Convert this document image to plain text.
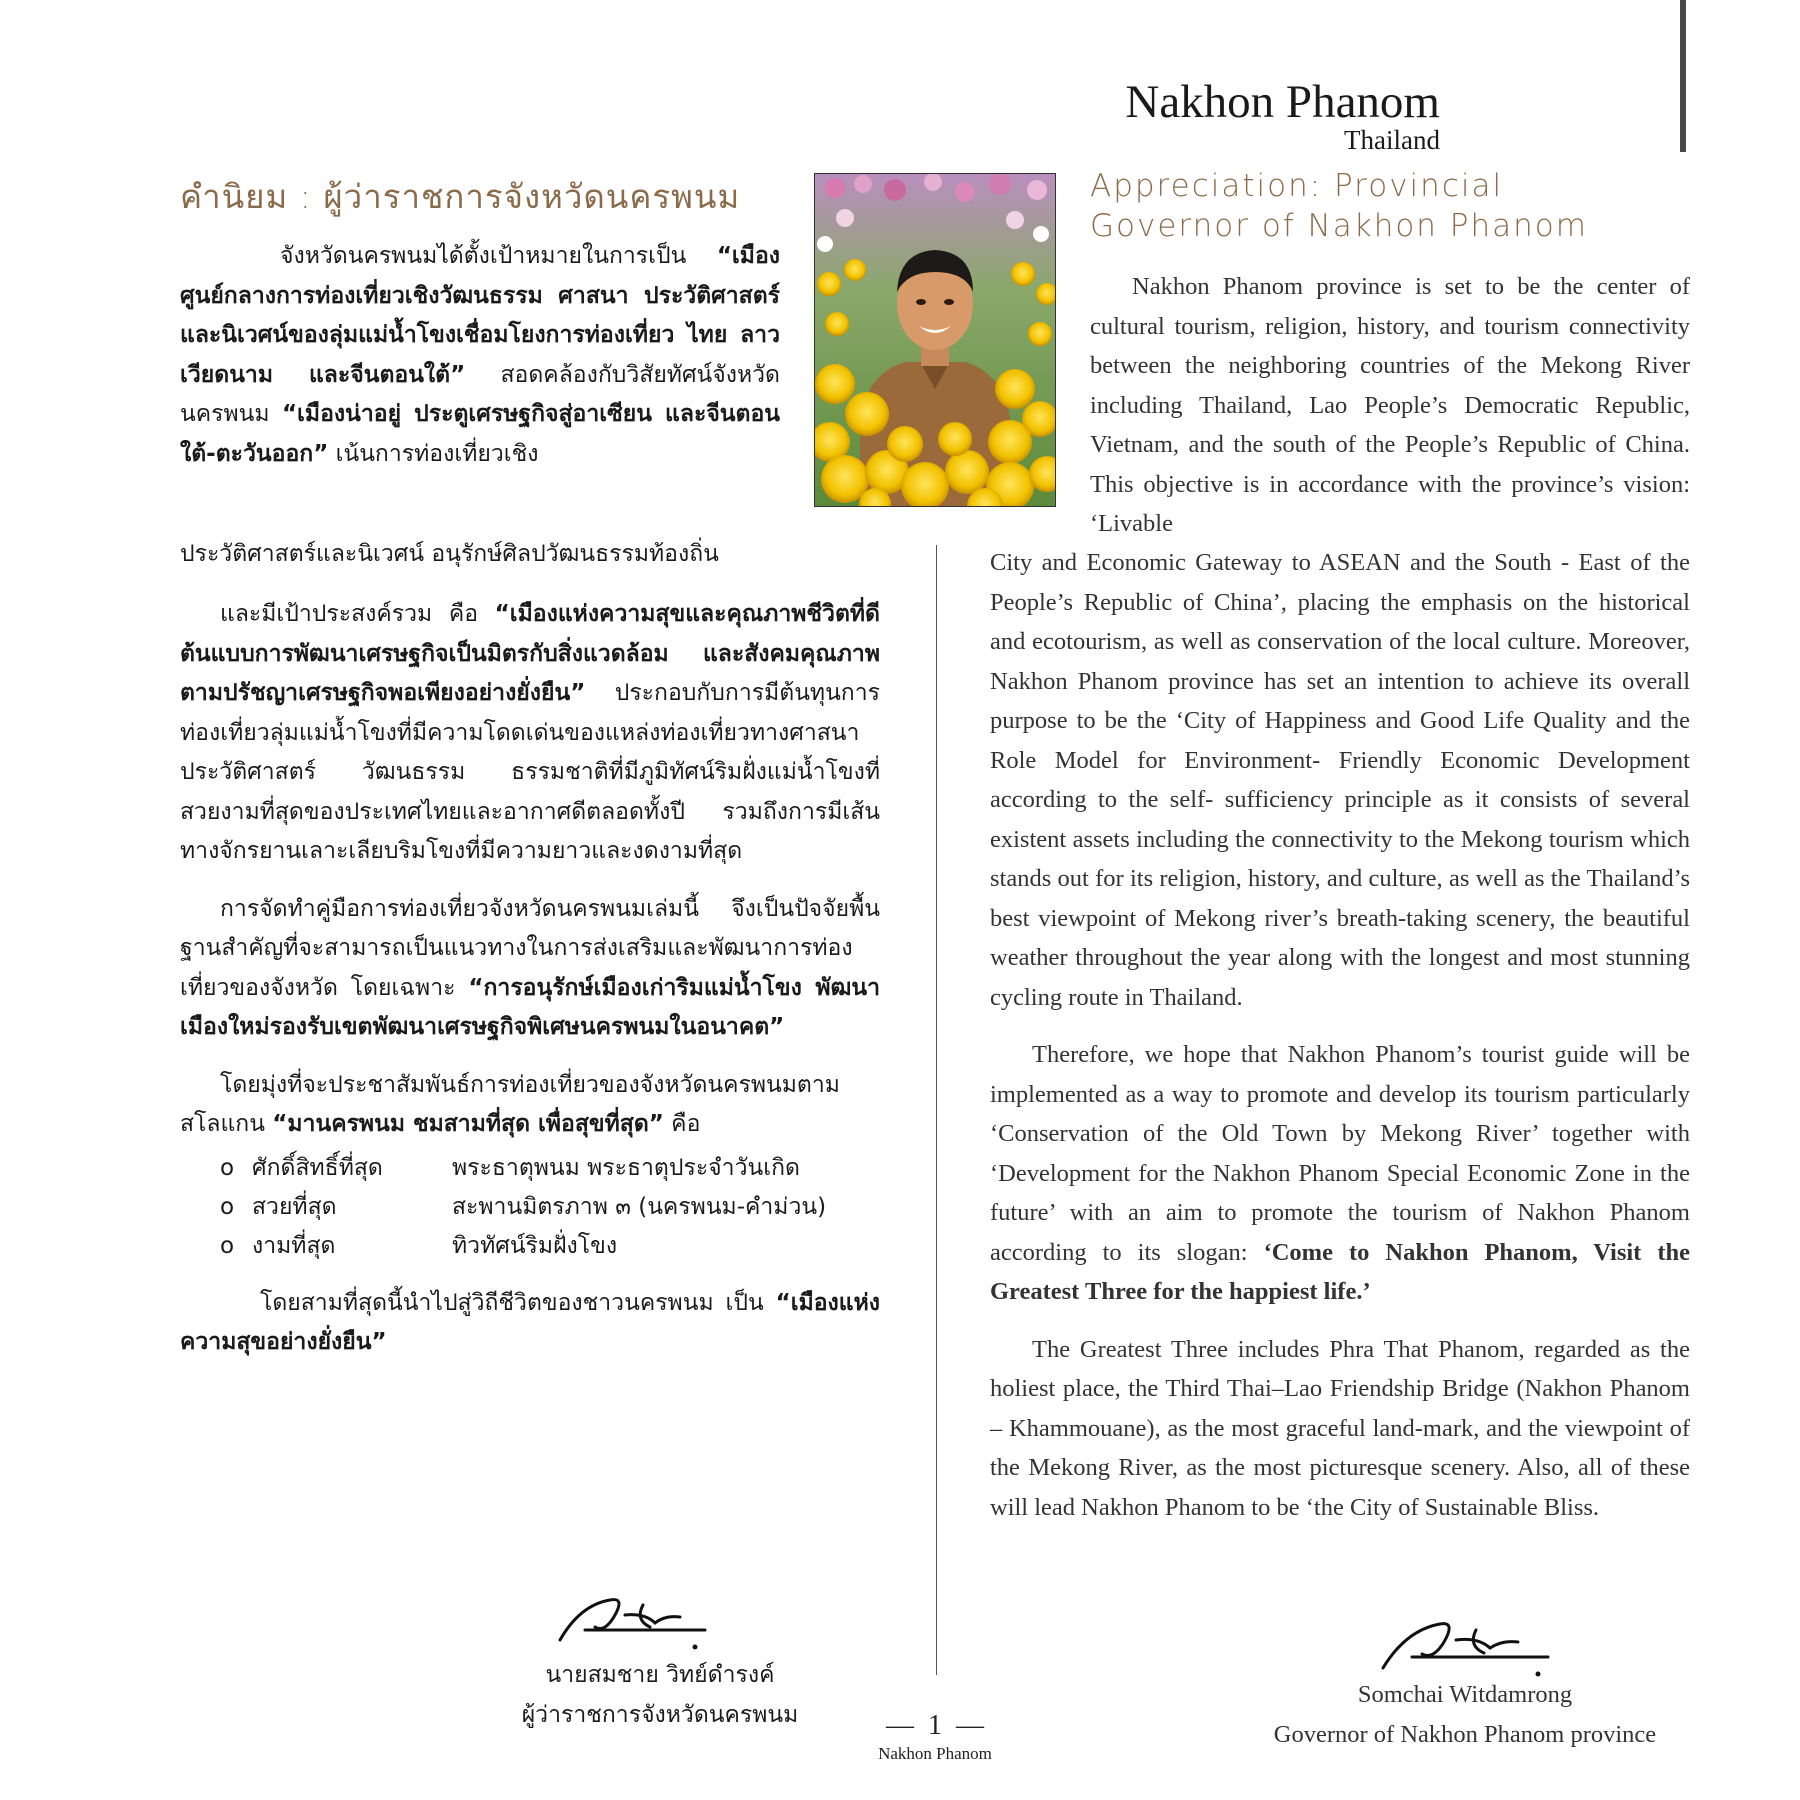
Nakhon Phanom
Thailand
คำนิยม : ผู้ว่าราชการจังหวัดนครพนม	Appreciation: Provincial
Governor of Nakhon Phanom

จังหวัดนครพนมได้ตั้งเป้าหมายในการเป็น “เมืองศูนย์กลางการท่องเที่ยวเชิงวัฒนธรรม ศาสนา ประวัติศาสตร์ และนิเวศน์ของลุ่มแม่น้ำโขงเชื่อมโยงการท่องเที่ยว ไทย ลาว เวียดนาม และจีนตอนใต้” สอดคล้องกับวิสัยทัศน์จังหวัดนครพนม “เมืองน่าอยู่ ประตูเศรษฐกิจสู่อาเซียน และจีนตอนใต้-ตะวันออก” เน้นการท่องเที่ยวเชิง

ประวัติศาสตร์และนิเวศน์ อนุรักษ์ศิลปวัฒนธรรมท้องถิ่น

และมีเป้าประสงค์รวม คือ “เมืองแห่งความสุขและคุณภาพชีวิตที่ดี ต้นแบบการพัฒนาเศรษฐกิจเป็นมิตรกับสิ่งแวดล้อม และสังคมคุณภาพ ตามปรัชญาเศรษฐกิจพอเพียงอย่างยั่งยืน” ประกอบกับการมีต้นทุนการท่องเที่ยวลุ่มแม่น้ำโขงที่มีความโดดเด่นของแหล่งท่องเที่ยวทางศาสนา ประวัติศาสตร์ วัฒนธรรม ธรรมชาติที่มีภูมิทัศน์ริมฝั่งแม่น้ำโขงที่สวยงามที่สุดของประเทศไทยและอากาศดีตลอดทั้งปี รวมถึงการมีเส้นทางจักรยานเลาะเลียบริมโขงที่มีความยาวและงดงามที่สุด

การจัดทำคู่มือการท่องเที่ยวจังหวัดนครพนมเล่มนี้ จึงเป็นปัจจัยพื้นฐานสำคัญที่จะสามารถเป็นแนวทางในการส่งเสริมและพัฒนาการท่องเที่ยวของจังหวัด โดยเฉพาะ “การอนุรักษ์เมืองเก่าริมแม่น้ำโขง พัฒนาเมืองใหม่รองรับเขตพัฒนาเศรษฐกิจพิเศษนครพนมในอนาคต”

โดยมุ่งที่จะประชาสัมพันธ์การท่องเที่ยวของจังหวัดนครพนมตามสโลแกน “มานครพนม ชมสามที่สุด เพื่อสุขที่สุด” คือ

o ศักดิ์สิทธิ์ที่สุด	พระธาตุพนม พระธาตุประจำวันเกิด
o สวยที่สุด	สะพานมิตรภาพ ๓ (นครพนม-คำม่วน)
o งามที่สุด	ทิวทัศน์ริมฝั่งโขง

โดยสามที่สุดนี้นำไปสู่วิถีชีวิตของชาวนครพนม เป็น “เมืองแห่งความสุขอย่างยั่งยืน”

นายสมชาย วิทย์ดำรงค์
ผู้ว่าราชการจังหวัดนครพนม

Nakhon Phanom province is set to be the center of cultural tourism, religion, history, and tourism connectivity between the neighboring countries of the Mekong River including Thailand, Lao People’s Democratic Republic, Vietnam, and the south of the People’s Republic of China. This objective is in accordance with the province’s vision: ‘Livable

City and Economic Gateway to ASEAN and the South - East of the People’s Republic of China’, placing the emphasis on the historical and ecotourism, as well as conservation of the local culture. Moreover, Nakhon Phanom province has set an intention to achieve its overall purpose to be the ‘City of Happiness and Good Life Quality and the Role Model for Environment- Friendly Economic Development according to the self- sufficiency principle as it consists of several existent assets including the connectivity to the Mekong tourism which stands out for its religion, history, and culture, as well as the Thailand’s best viewpoint of Mekong river’s breath-taking scenery, the beautiful weather throughout the year along with the longest and most stunning cycling route in Thailand.

Therefore, we hope that Nakhon Phanom’s tourist guide will be implemented as a way to promote and develop its tourism particularly ‘Conservation of the Old Town by Mekong River’ together with ‘Development for the Nakhon Phanom Special Economic Zone in the future’ with an aim to promote the tourism of Nakhon Phanom according to its slogan: ‘Come to Nakhon Phanom, Visit the Greatest Three for the happiest life.’

The Greatest Three includes Phra That Phanom, regarded as the holiest place, the Third Thai–Lao Friendship Bridge (Nakhon Phanom – Khammouane), as the most graceful land-mark, and the viewpoint of the Mekong River, as the most picturesque scenery. Also, all of these will lead Nakhon Phanom to be ‘the City of Sustainable Bliss.

Somchai Witdamrong
Governor of Nakhon Phanom province
—  1  —
Nakhon Phanom
